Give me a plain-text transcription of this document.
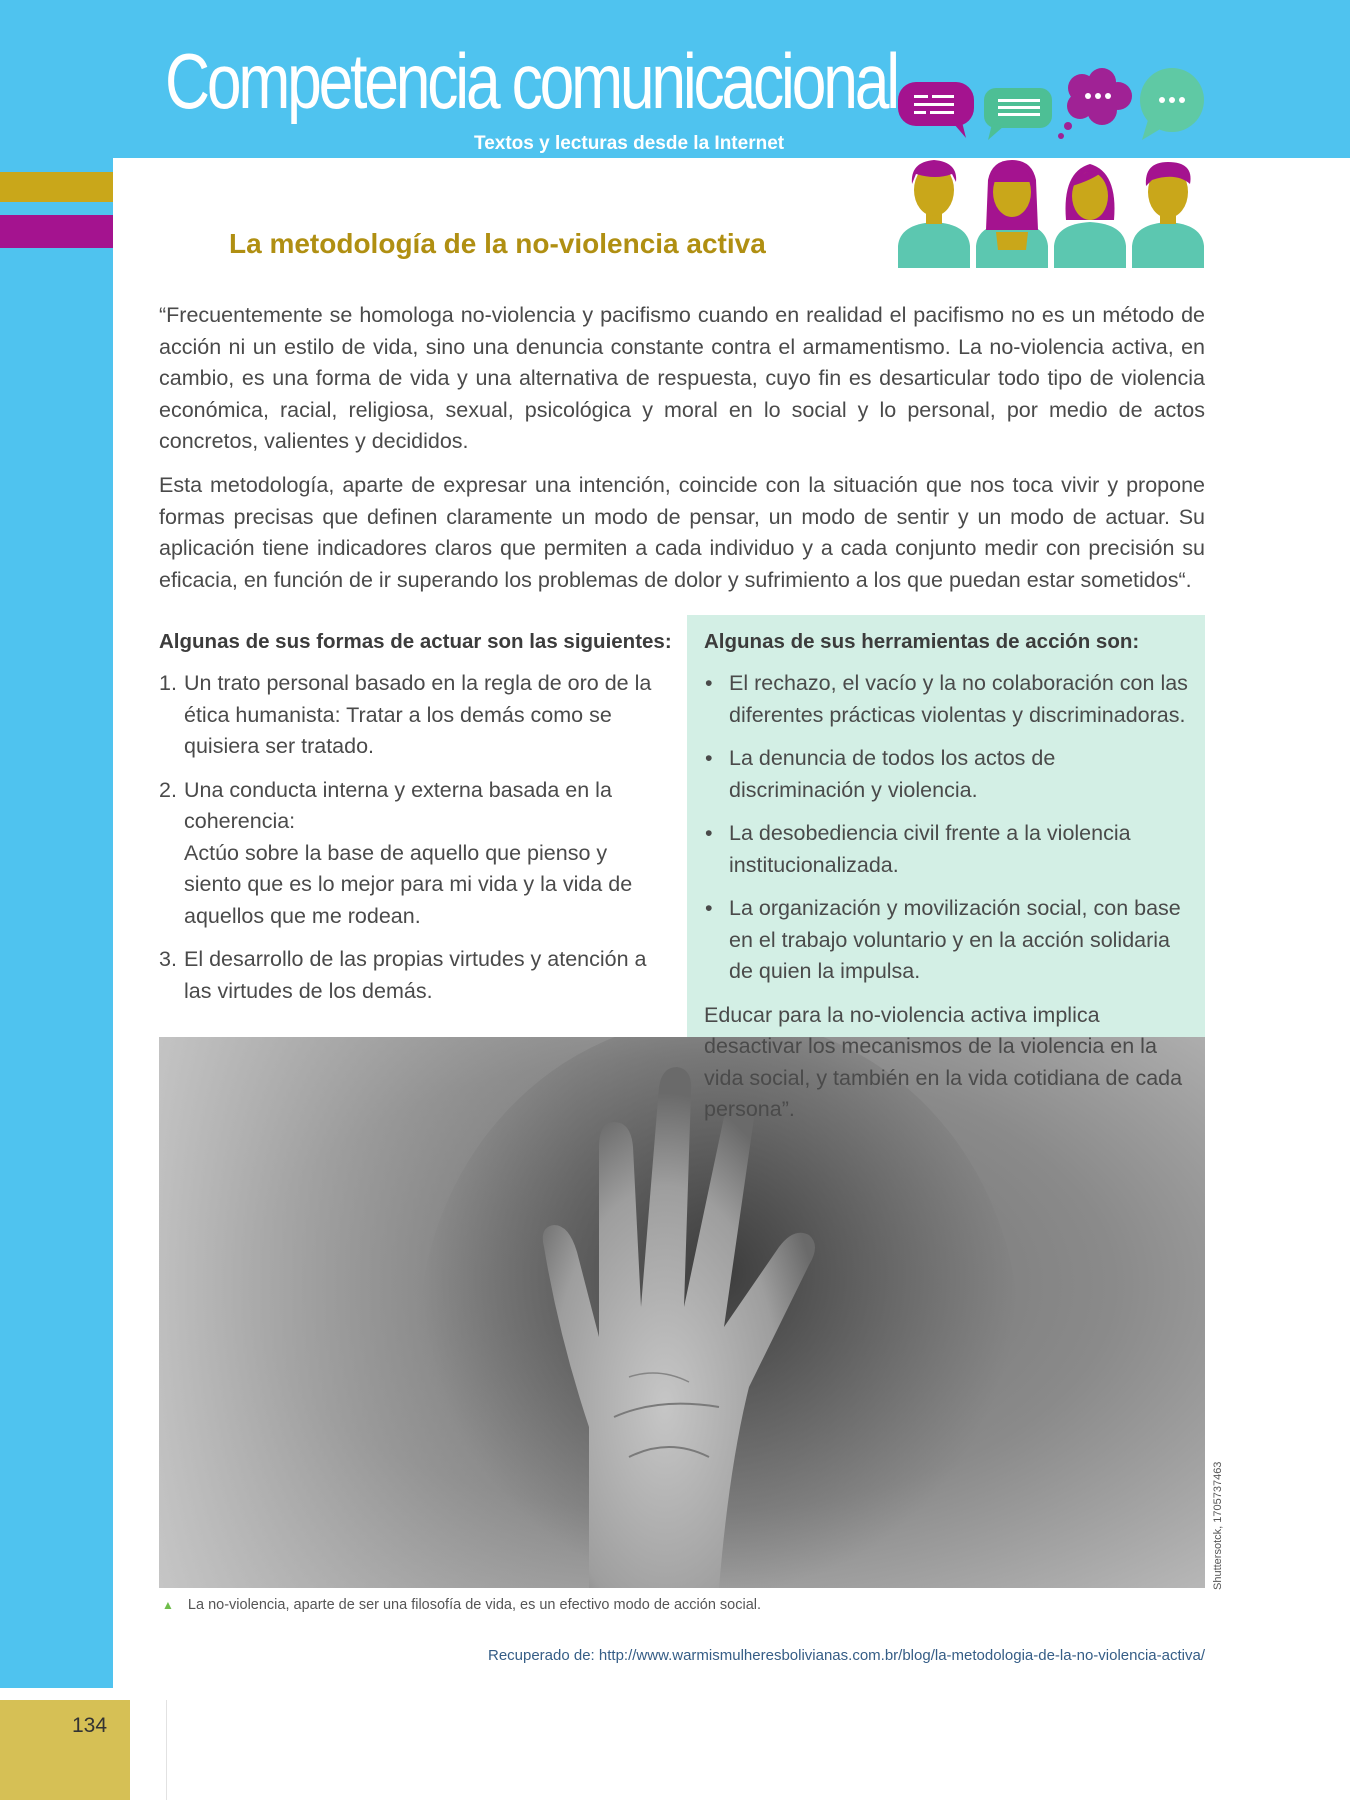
Competencia comunicacional
Textos y lecturas desde la Internet
La metodología de la no-violencia activa

“Frecuentemente se homologa no-violencia y pacifismo cuando en realidad el pacifismo no es un método de acción ni un estilo de vida, sino una denuncia constante contra el armamentismo. La no-violencia activa, en cambio, es una forma de vida y una alternativa de respuesta, cuyo fin es desarticular todo tipo de violencia económica, racial, religiosa, sexual, psicológica y moral en lo social y lo personal, por medio de actos concretos, valientes y decididos.

Esta metodología, aparte de expresar una intención, coincide con la situación que nos toca vivir y propone formas precisas que definen claramente un modo de pensar, un modo de sentir y un modo de actuar. Su aplicación tiene indicadores claros que permiten a cada individuo y a cada conjunto medir con precisión su eficacia, en función de ir superando los problemas de dolor y sufrimiento a los que puedan estar sometidos“.

Algunas de sus formas de actuar son las siguientes:
1. Un trato personal basado en la regla de oro de la ética humanista: Tratar a los demás como se quisiera ser tratado.
2. Una conducta interna y externa basada en la coherencia:
Actúo sobre la base de aquello que pienso y siento que es lo mejor para mi vida y la vida de aquellos que me rodean.
3. El desarrollo de las propias virtudes y atención a las virtudes de los demás.
Algunas de sus herramientas de acción son:
• El rechazo, el vacío y la no colaboración con las diferentes prácticas violentas y discriminadoras.
• La denuncia de todos los actos de discriminación y violencia.
• La desobediencia civil frente a la violencia institucionalizada.
• La organización y movilización social, con base en el trabajo voluntario y en la acción solidaria de quien la impulsa.
Educar para la no-violencia activa implica desactivar los mecanismos de la violencia en la vida social, y también en la vida cotidiana de cada persona”.
Shuttersotck, 1705737463
▲ La no-violencia, aparte de ser una filosofía de vida, es un efectivo modo de acción social.
Recuperado de: http://www.warmismulheresbolivianas.com.br/blog/la-metodologia-de-la-no-violencia-activa/
134
